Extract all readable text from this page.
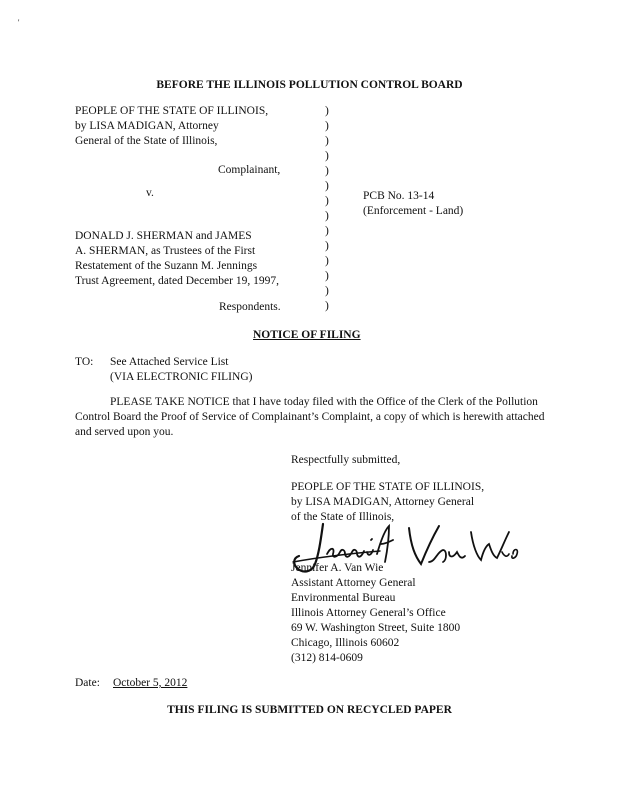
'
BEFORE THE ILLINOIS POLLUTION CONTROL BOARD
PEOPLE OF THE STATE OF ILLINOIS,
by LISA MADIGAN, Attorney
General of the State of Illinois,
Complainant,
v.
DONALD J. SHERMAN and JAMES
A. SHERMAN, as Trustees of the First
Restatement of the Suzann M. Jennings
Trust Agreement, dated December 19, 1997,
Respondents.
PCB No. 13-14
(Enforcement - Land)
)
)
)
)
)
)
)
)
)
)
)
)
)
)
NOTICE OF FILING
TO: See Attached Service List
(VIA ELECTRONIC FILING)
PLEASE TAKE NOTICE that I have today filed with the Office of the Clerk of the Pollution Control Board the Proof of Service of Complainant’s Complaint, a copy of which is herewith attached and served upon you.
Respectfully submitted,
PEOPLE OF THE STATE OF ILLINOIS,
by LISA MADIGAN, Attorney General
of the State of Illinois,
Jennifer A. Van Wie
Assistant Attorney General
Environmental Bureau
Illinois Attorney General’s Office
69 W. Washington Street, Suite 1800
Chicago, Illinois 60602
(312) 814-0609
Date: October 5, 2012
THIS FILING IS SUBMITTED ON RECYCLED PAPER
